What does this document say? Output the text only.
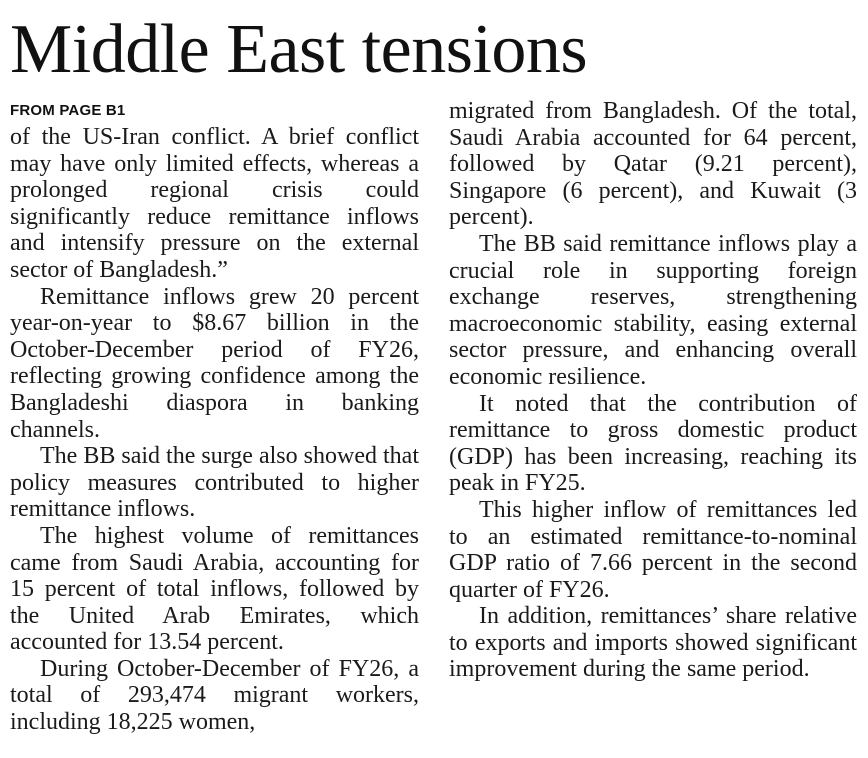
Middle East tensions
FROM PAGE B1

of the US-Iran conflict. A brief conflict may have only limited effects, whereas a prolonged regional crisis could significantly reduce remittance inflows and intensify pressure on the external sector of Bangladesh.”

Remittance inflows grew 20 percent year-on-year to $8.67 billion in the October-December period of FY26, reflecting growing confidence among the Bangladeshi diaspora in banking channels.

The BB said the surge also showed that policy measures contributed to higher remittance inflows.

The highest volume of remittances came from Saudi Arabia, accounting for 15 percent of total inflows, followed by the United Arab Emirates, which accounted for 13.54 percent.

During October-December of FY26, a total of 293,474 migrant workers, including 18,225 women,

migrated from Bangladesh. Of the total, Saudi Arabia accounted for 64 percent, followed by Qatar (9.21 percent), Singapore (6 percent), and Kuwait (3 percent).

The BB said remittance inflows play a crucial role in supporting foreign exchange reserves, strengthening macroeconomic stability, easing external sector pressure, and enhancing overall economic resilience.

It noted that the contribution of remittance to gross domestic product (GDP) has been increasing, reaching its peak in FY25.

This higher inflow of remittances led to an estimated remittance-to-nominal GDP ratio of 7.66 percent in the second quarter of FY26.

In addition, remittances’ share relative to exports and imports showed significant improvement during the same period.
